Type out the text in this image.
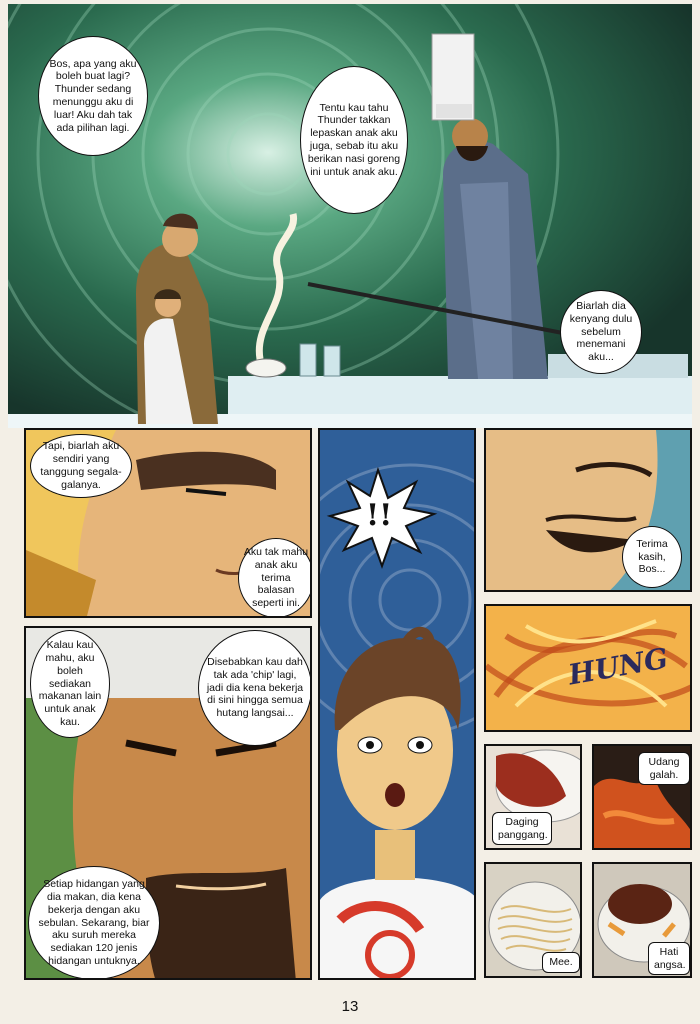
Bos, apa yang aku boleh buat lagi? Thunder sedang menunggu aku di luar! Aku dah tak ada pilihan lagi.
Tentu kau tahu Thunder takkan lepaskan anak aku juga, sebab itu aku berikan nasi goreng ini untuk anak aku.
Biarlah dia kenyang dulu sebelum menemani aku...
Tapi, biarlah aku sendiri yang tanggung segala-galanya.
Aku tak mahu anak aku terima balasan seperti ini.
!!
Terima kasih, Bos...
Kalau kau mahu, aku boleh sediakan makanan lain untuk anak kau.
Disebabkan kau dah tak ada 'chip' lagi, jadi dia kena bekerja di sini hingga semua hutang langsai...
Setiap hidangan yang dia makan, dia kena bekerja dengan aku sebulan. Sekarang, biar aku suruh mereka sediakan 120 jenis hidangan untuknya.
HUNG
Daging panggang.
Udang galah.
Mee.
Hati angsa.
13
